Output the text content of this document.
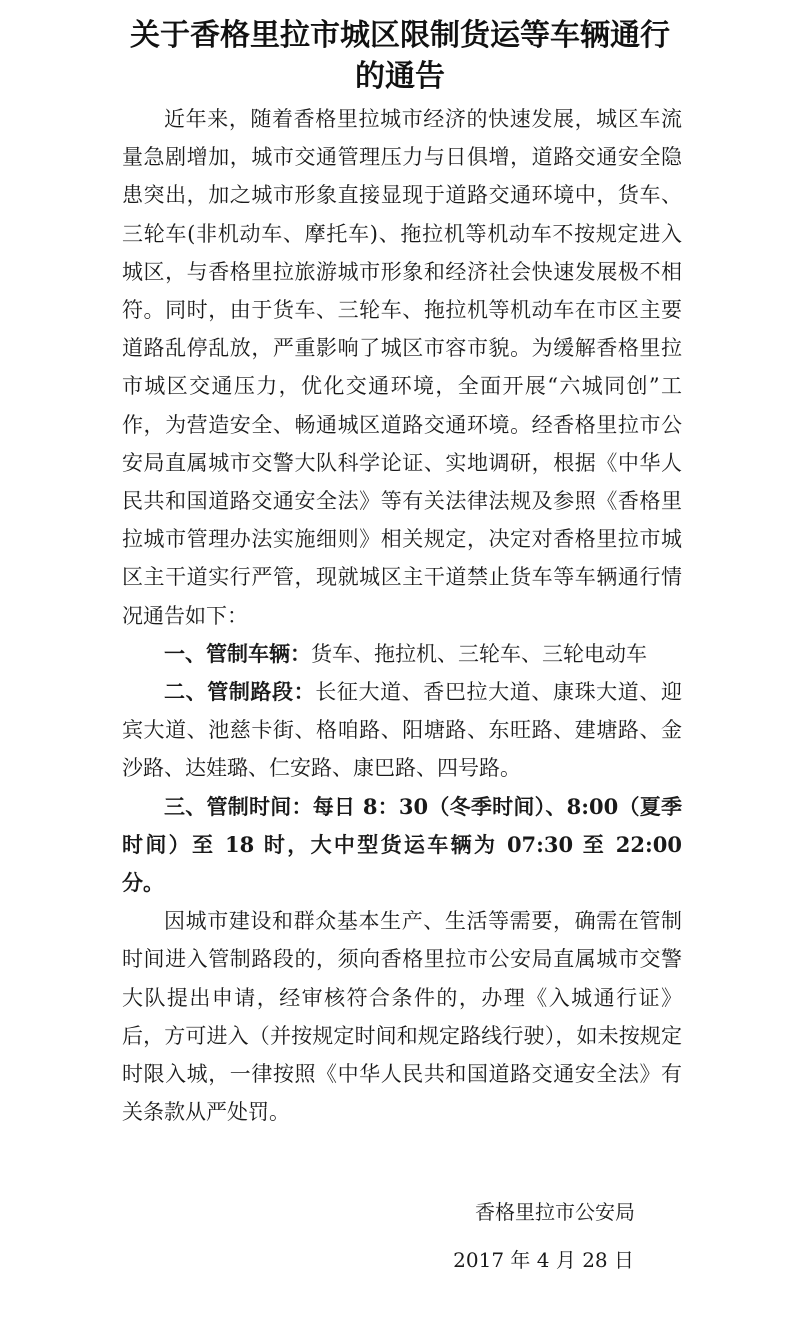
关于香格里拉市城区限制货运等车辆通行
的通告

近年来，随着香格里拉城市经济的快速发展，城区车流量急剧增加，城市交通管理压力与日俱增，道路交通安全隐患突出，加之城市形象直接显现于道路交通环境中，货车、三轮车(非机动车、摩托车)、拖拉机等机动车不按规定进入城区，与香格里拉旅游城市形象和经济社会快速发展极不相符。同时，由于货车、三轮车、拖拉机等机动车在市区主要道路乱停乱放，严重影响了城区市容市貌。为缓解香格里拉市城区交通压力，优化交通环境，全面开展“六城同创”工作，为营造安全、畅通城区道路交通环境。经香格里拉市公安局直属城市交警大队科学论证、实地调研，根据《中华人民共和国道路交通安全法》等有关法律法规及参照《香格里拉城市管理办法实施细则》相关规定，决定对香格里拉市城区主干道实行严管，现就城区主干道禁止货车等车辆通行情况通告如下：

一、管制车辆：货车、拖拉机、三轮车、三轮电动车

二、管制路段：长征大道、香巴拉大道、康珠大道、迎宾大道、池慈卡街、格咱路、阳塘路、东旺路、建塘路、金沙路、达娃璐、仁安路、康巴路、四号路。

三、管制时间：每日 8：30（冬季时间）、8:00（夏季时间）至 18 时，大中型货运车辆为 07:30 至 22:00 分。

因城市建设和群众基本生产、生活等需要，确需在管制时间进入管制路段的，须向香格里拉市公安局直属城市交警大队提出申请，经审核符合条件的，办理《入城通行证》后，方可进入（并按规定时间和规定路线行驶），如未按规定时限入城，一律按照《中华人民共和国道路交通安全法》有关条款从严处罚。

香格里拉市公安局
2017 年 4 月 28 日
